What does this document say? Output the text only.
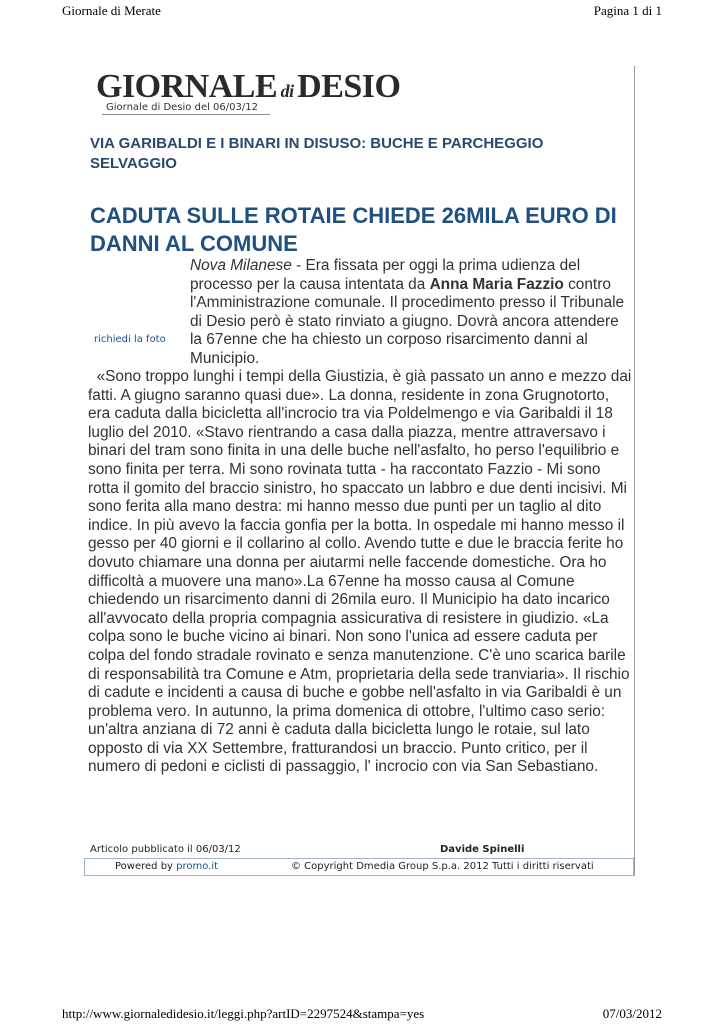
Giornale di Merate	Pagina 1 di 1
GIORNALE di DESIO
Giornale di Desio del 06/03/12
VIA GARIBALDI E I BINARI IN DISUSO: BUCHE E PARCHEGGIO SELVAGGIO
CADUTA SULLE ROTAIE CHIEDE 26MILA EURO DI DANNI AL COMUNE
richiedi la foto
Nova Milanese - Era fissata per oggi la prima udienza del processo per la causa intentata da Anna Maria Fazzio contro l'Amministrazione comunale. Il procedimento presso il Tribunale di Desio però è stato rinviato a giugno. Dovrà ancora attendere la 67enne che ha chiesto un corposo risarcimento danni al Municipio.
«Sono troppo lunghi i tempi della Giustizia, è già passato un anno e mezzo dai fatti. A giugno saranno quasi due». La donna, residente in zona Grugnotorto, era caduta dalla bicicletta all'incrocio tra via Poldelmengo e via Garibaldi il 18 luglio del 2010. «Stavo rientrando a casa dalla piazza, mentre attraversavo i binari del tram sono finita in una delle buche nell'asfalto, ho perso l'equilibrio e sono finita per terra. Mi sono rovinata tutta - ha raccontato Fazzio - Mi sono rotta il gomito del braccio sinistro, ho spaccato un labbro e due denti incisivi. Mi sono ferita alla mano destra: mi hanno messo due punti per un taglio al dito indice. In più avevo la faccia gonfia per la botta. In ospedale mi hanno messo il gesso per 40 giorni e il collarino al collo. Avendo tutte e due le braccia ferite ho dovuto chiamare una donna per aiutarmi nelle faccende domestiche. Ora ho difficoltà a muovere una mano».La 67enne ha mosso causa al Comune chiedendo un risarcimento danni di 26mila euro. Il Municipio ha dato incarico all'avvocato della propria compagnia assicurativa di resistere in giudizio. «La colpa sono le buche vicino ai binari. Non sono l'unica ad essere caduta per colpa del fondo stradale rovinato e senza manutenzione. C'è uno scarica barile di responsabilità tra Comune e Atm, proprietaria della sede tranviaria». Il rischio di cadute e incidenti a causa di buche e gobbe nell'asfalto in via Garibaldi è un problema vero. In autunno, la prima domenica di ottobre, l'ultimo caso serio: un'altra anziana di 72 anni è caduta dalla bicicletta lungo le rotaie, sul lato opposto di via XX Settembre, fratturandosi un braccio. Punto critico, per il numero di pedoni e ciclisti di passaggio, l' incrocio con via San Sebastiano.
Articolo pubblicato il 06/03/12	Davide Spinelli
Powered by promo.it	© Copyright Dmedia Group S.p.a. 2012 Tutti i diritti riservati
http://www.giornaledidesio.it/leggi.php?artID=2297524&stampa=yes	07/03/2012
